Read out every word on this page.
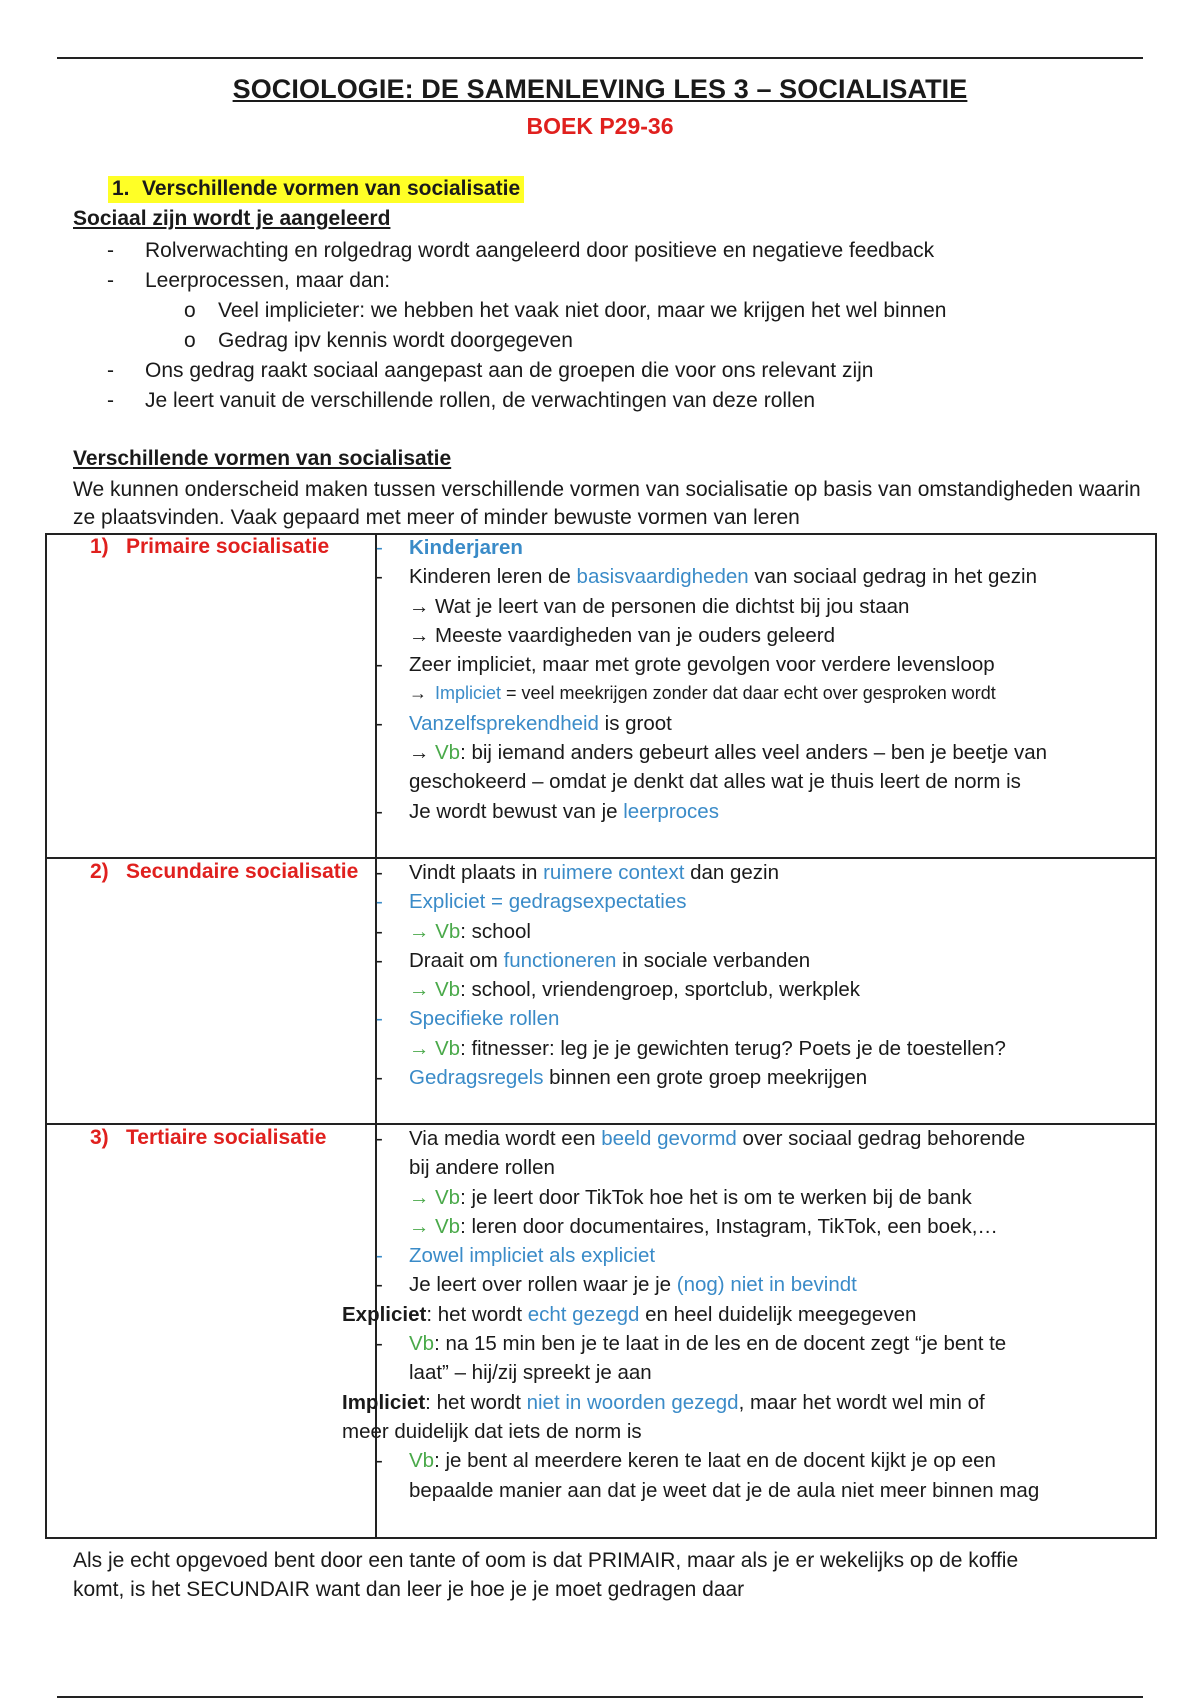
SOCIOLOGIE: DE SAMENLEVING LES 3 – SOCIALISATIE
BOEK P29-36
1. Verschillende vormen van socialisatie
Sociaal zijn wordt je aangeleerd
- Rolverwachting en rolgedrag wordt aangeleerd door positieve en negatieve feedback
- Leerprocessen, maar dan:
o Veel implicieter: we hebben het vaak niet door, maar we krijgen het wel binnen
o Gedrag ipv kennis wordt doorgegeven
- Ons gedrag raakt sociaal aangepast aan de groepen die voor ons relevant zijn
- Je leert vanuit de verschillende rollen, de verwachtingen van deze rollen
Verschillende vormen van socialisatie
We kunnen onderscheid maken tussen verschillende vormen van socialisatie op basis van omstandigheden waarin ze plaatsvinden. Vaak gepaard met meer of minder bewuste vormen van leren
1) Primaire socialisatie - Kinderjaren
- Kinderen leren de basisvaardigheden van sociaal gedrag in het gezin
→ Wat je leert van de personen die dichtst bij jou staan
→ Meeste vaardigheden van je ouders geleerd
- Zeer impliciet, maar met grote gevolgen voor verdere levensloop
→ Impliciet = veel meekrijgen zonder dat daar echt over gesproken wordt
- Vanzelfsprekendheid is groot
→ Vb: bij iemand anders gebeurt alles veel anders – ben je beetje van
geschokeerd – omdat je denkt dat alles wat je thuis leert de norm is
- Je wordt bewust van je leerproces
2) Secundaire socialisatie - Vindt plaats in ruimere context dan gezin
- Expliciet = gedragsexpectaties
- → Vb: school
- Draait om functioneren in sociale verbanden
→ Vb: school, vriendengroep, sportclub, werkplek
- Specifieke rollen
→ Vb: fitnesser: leg je je gewichten terug? Poets je de toestellen?
- Gedragsregels binnen een grote groep meekrijgen
3) Tertiaire socialisatie - Via media wordt een beeld gevormd over sociaal gedrag behorende
bij andere rollen
→ Vb: je leert door TikTok hoe het is om te werken bij de bank
→ Vb: leren door documentaires, Instagram, TikTok, een boek,…
- Zowel impliciet als expliciet
- Je leert over rollen waar je je (nog) niet in bevindt
Expliciet: het wordt echt gezegd en heel duidelijk meegegeven
- Vb: na 15 min ben je te laat in de les en de docent zegt “je bent te
laat” – hij/zij spreekt je aan
Impliciet: het wordt niet in woorden gezegd, maar het wordt wel min of
meer duidelijk dat iets de norm is
- Vb: je bent al meerdere keren te laat en de docent kijkt je op een
bepaalde manier aan dat je weet dat je de aula niet meer binnen mag
Als je echt opgevoed bent door een tante of oom is dat PRIMAIR, maar als je er wekelijks op de koffie
komt, is het SECUNDAIR want dan leer je hoe je je moet gedragen daar
